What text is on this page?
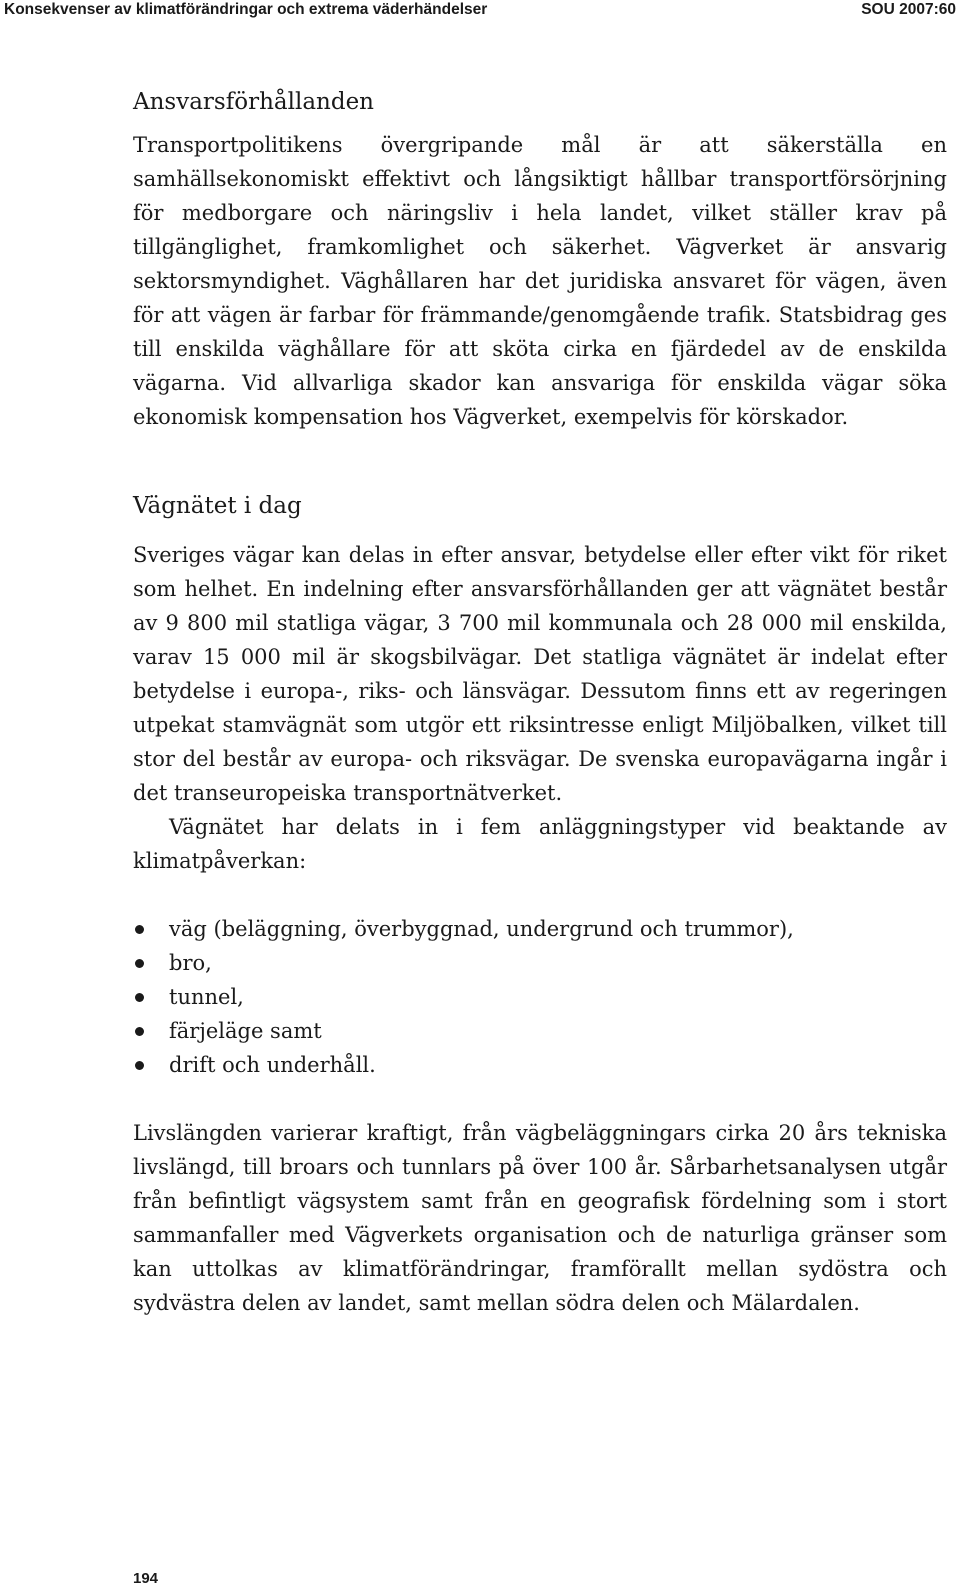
Konsekvenser av klimatförändringar och extrema väderhändelser	SOU 2007:60
Ansvarsförhållanden

Transportpolitikens övergripande mål är att säkerställa en samhällsekonomiskt effektivt och långsiktigt hållbar transportförsörjning för medborgare och näringsliv i hela landet, vilket ställer krav på tillgänglighet, framkomlighet och säkerhet. Vägverket är ansvarig sektorsmyndighet. Väghållaren har det juridiska ansvaret för vägen, även för att vägen är farbar för främmande/genomgående trafik. Statsbidrag ges till enskilda väghållare för att sköta cirka en fjärdedel av de enskilda vägarna. Vid allvarliga skador kan ansvariga för enskilda vägar söka ekonomisk kompensation hos Vägverket, exempelvis för körskador.

Vägnätet i dag

Sveriges vägar kan delas in efter ansvar, betydelse eller efter vikt för riket som helhet. En indelning efter ansvarsförhållanden ger att vägnätet består av 9 800 mil statliga vägar, 3 700 mil kommunala och 28 000 mil enskilda, varav 15 000 mil är skogsbilvägar. Det statliga vägnätet är indelat efter betydelse i europa-, riks- och länsvägar. Dessutom finns ett av regeringen utpekat stamvägnät som utgör ett riksintresse enligt Miljöbalken, vilket till stor del består av europa- och riksvägar. De svenska europavägarna ingår i det transeuropeiska transportnätverket.

Vägnätet har delats in i fem anläggningstyper vid beaktande av klimatpåverkan:

väg (beläggning, överbyggnad, undergrund och trummor),
bro,
tunnel,
färjeläge samt
drift och underhåll.

Livslängden varierar kraftigt, från vägbeläggningars cirka 20 års tekniska livslängd, till broars och tunnlars på över 100 år. Sårbarhetsanalysen utgår från befintligt vägsystem samt från en geografisk fördelning som i stort sammanfaller med Vägverkets organisation och de naturliga gränser som kan uttolkas av klimatförändringar, framförallt mellan sydöstra och sydvästra delen av landet, samt mellan södra delen och Mälardalen.

194
